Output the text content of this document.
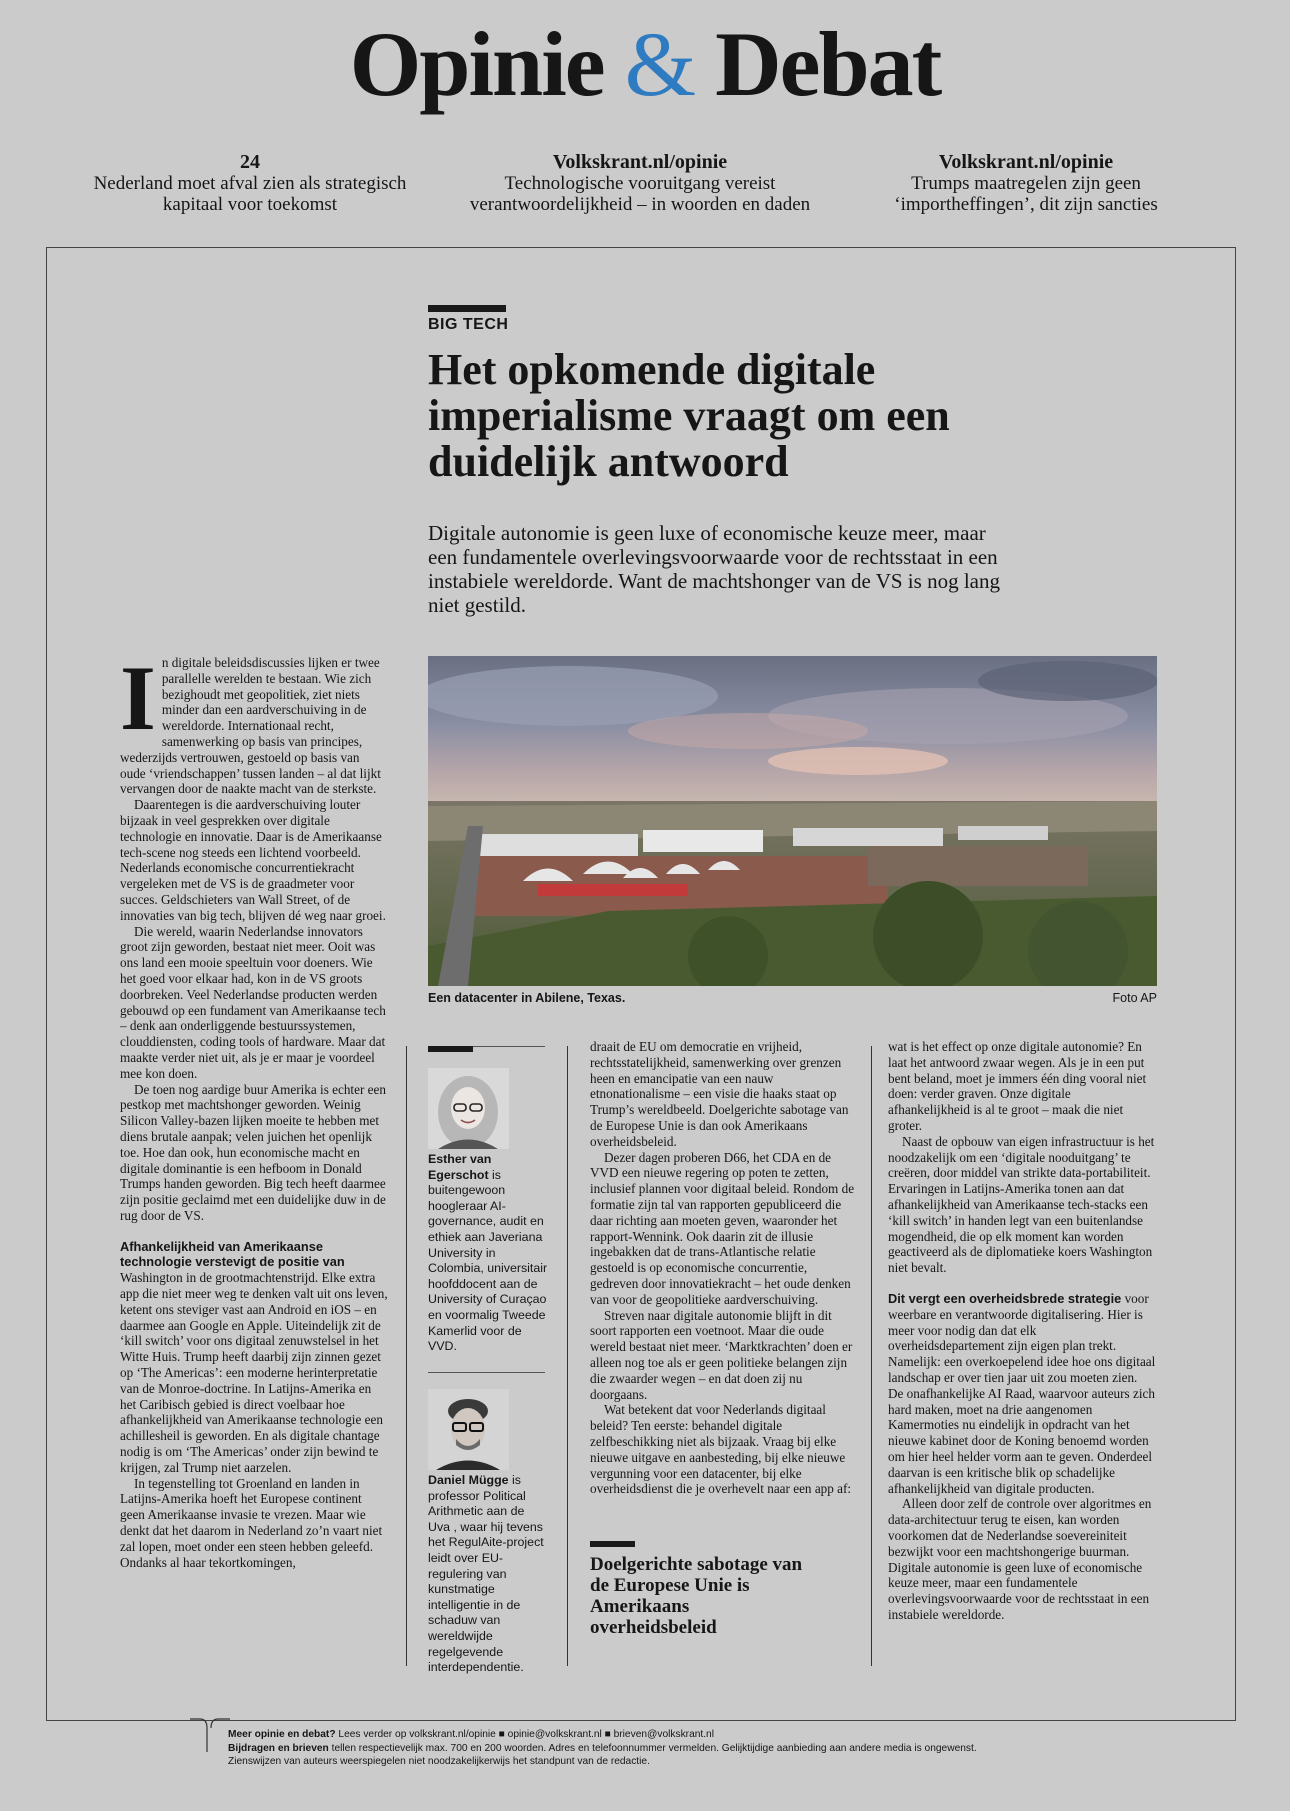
Opinie & Debat
24
Nederland moet afval zien als strategisch kapitaal voor toekomst
Volkskrant.nl/opinie
Technologische vooruitgang vereist verantwoordelijkheid – in woorden en daden
Volkskrant.nl/opinie
Trumps maatregelen zijn geen ‘importheffingen’, dit zijn sancties
BIG TECH
Het opkomende digitale imperialisme vraagt om een duidelijk antwoord
Digitale autonomie is geen luxe of economische keuze meer, maar een fundamentele overlevingsvoorwaarde voor de rechtsstaat in een instabiele wereldorde. Want de machtshonger van de VS is nog lang niet gestild.

In digitale beleidsdiscussies lijken er twee parallelle werelden te bestaan. Wie zich bezighoudt met geopolitiek, ziet niets minder dan een aardverschuiving in de wereldorde. Internationaal recht, samenwerking op basis van principes, wederzijds vertrouwen, gestoeld op basis van oude ‘vriendschappen’ tussen landen – al dat lijkt vervangen door de naakte macht van de sterkste.

Daarentegen is die aardverschuiving louter bijzaak in veel gesprekken over digitale technologie en innovatie. Daar is de Amerikaanse tech-scene nog steeds een lichtend voorbeeld. Nederlands economische concurrentiekracht vergeleken met de VS is de graadmeter voor succes. Geldschieters van Wall Street, of de innovaties van big tech, blijven dé weg naar groei.

Die wereld, waarin Nederlandse innovators groot zijn geworden, bestaat niet meer. Ooit was ons land een mooie speeltuin voor doeners. Wie het goed voor elkaar had, kon in de VS groots doorbreken. Veel Nederlandse producten werden gebouwd op een fundament van Amerikaanse tech – denk aan onderliggende bestuurssystemen, clouddiensten, coding tools of hardware. Maar dat maakte verder niet uit, als je er maar je voordeel mee kon doen.

De toen nog aardige buur Amerika is echter een pestkop met machtshonger geworden. Weinig Silicon Valley-bazen lijken moeite te hebben met diens brutale aanpak; velen juichen het openlijk toe. Hoe dan ook, hun economische macht en digitale dominantie is een hefboom in Donald Trumps handen geworden. Big tech heeft daarmee zijn positie geclaimd met een duidelijke duw in de rug door de VS.

Afhankelijkheid van Amerikaanse technologie verstevigt de positie van Washington in de grootmachtenstrijd. Elke extra app die niet meer weg te denken valt uit ons leven, ketent ons steviger vast aan Android en iOS – en daarmee aan Google en Apple. Uiteindelijk zit de ‘kill switch’ voor ons digitaal zenuwstelsel in het Witte Huis. Trump heeft daarbij zijn zinnen gezet op ‘The Americas’: een moderne herinterpretatie van de Monroe-doctrine. In Latijns-Amerika en het Caribisch gebied is direct voelbaar hoe afhankelijkheid van Amerikaanse technologie een achillesheil is geworden. En als digitale chantage nodig is om ‘The Americas’ onder zijn bewind te krijgen, zal Trump niet aarzelen.

In tegenstelling tot Groenland en landen in Latijns-Amerika hoeft het Europese continent geen Amerikaanse invasie te vrezen. Maar wie denkt dat het daarom in Nederland zo’n vaart niet zal lopen, moet onder een steen hebben geleefd. Ondanks al haar tekortkomingen,

Een datacenter in Abilene, Texas.	Foto AP
Esther van Egerschot is buitengewoon hoogleraar AI-governance, audit en ethiek aan Javeriana University in Colombia, universitair hoofddocent aan de University of Curaçao en voormalig Tweede Kamerlid voor de VVD.
Daniel Mügge is professor Political Arithmetic aan de Uva , waar hij tevens het RegulAite-project leidt over EU-regulering van kunstmatige intelligentie in de schaduw van wereldwijde regelgevende interdependentie.

draait de EU om democratie en vrijheid, rechtsstatelijkheid, samenwerking over grenzen heen en emancipatie van een nauw etnonationalisme – een visie die haaks staat op Trump’s wereldbeeld. Doelgerichte sabotage van de Europese Unie is dan ook Amerikaans overheidsbeleid.

Dezer dagen proberen D66, het CDA en de VVD een nieuwe regering op poten te zetten, inclusief plannen voor digitaal beleid. Rondom de formatie zijn tal van rapporten gepubliceerd die daar richting aan moeten geven, waaronder het rapport-Wennink. Ook daarin zit de illusie ingebakken dat de trans-Atlantische relatie gestoeld is op economische concurrentie, gedreven door innovatiekracht – het oude denken van voor de geopolitieke aardverschuiving.

Streven naar digitale autonomie blijft in dit soort rapporten een voetnoot. Maar die oude wereld bestaat niet meer. ‘Marktkrachten’ doen er alleen nog toe als er geen politieke belangen zijn die zwaarder wegen – en dat doen zij nu doorgaans.

Wat betekent dat voor Nederlands digitaal beleid? Ten eerste: behandel digitale zelfbeschikking niet als bijzaak. Vraag bij elke nieuwe uitgave en aanbesteding, bij elke nieuwe vergunning voor een datacenter, bij elke overheidsdienst die je overhevelt naar een app af:

Doelgerichte sabotage van de Europese Unie is Amerikaans overheidsbeleid

wat is het effect op onze digitale autonomie? En laat het antwoord zwaar wegen. Als je in een put bent beland, moet je immers één ding vooral niet doen: verder graven. Onze digitale afhankelijkheid is al te groot – maak die niet groter.

Naast de opbouw van eigen infrastructuur is het noodzakelijk om een ‘digitale nooduitgang’ te creëren, door middel van strikte data-portabiliteit. Ervaringen in Latijns-Amerika tonen aan dat afhankelijkheid van Amerikaanse tech-stacks een ‘kill switch’ in handen legt van een buitenlandse mogendheid, die op elk moment kan worden geactiveerd als de diplomatieke koers Washington niet bevalt.

Dit vergt een overheidsbrede strategie voor weerbare en verantwoorde digitalisering. Hier is meer voor nodig dan dat elk overheidsdepartement zijn eigen plan trekt. Namelijk: een overkoepelend idee hoe ons digitaal landschap er over tien jaar uit zou moeten zien. De onafhankelijke AI Raad, waarvoor auteurs zich hard maken, moet na drie aangenomen Kamermoties nu eindelijk in opdracht van het nieuwe kabinet door de Koning benoemd worden om hier heel helder vorm aan te geven. Onderdeel daarvan is een kritische blik op schadelijke afhankelijkheid van digitale producten.

Alleen door zelf de controle over algoritmes en data-architectuur terug te eisen, kan worden voorkomen dat de Nederlandse soevereiniteit bezwijkt voor een machtshongerige buurman. Digitale autonomie is geen luxe of economische keuze meer, maar een fundamentele overlevingsvoorwaarde voor de rechtsstaat in een instabiele wereldorde.

Meer opinie en debat? Lees verder op volkskrant.nl/opinie ■ opinie@volkskrant.nl ■ brieven@volkskrant.nl
Bijdragen en brieven tellen respectievelijk max. 700 en 200 woorden. Adres en telefoonnummer vermelden. Gelijktijdige aanbieding aan andere media is ongewenst.
Zienswijzen van auteurs weerspiegelen niet noodzakelijkerwijs het standpunt van de redactie.
